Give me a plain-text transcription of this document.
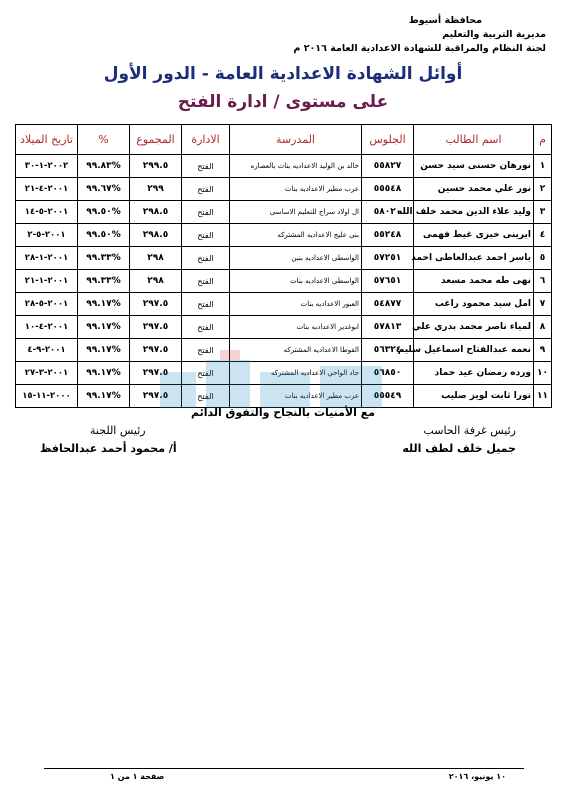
محافظة أسيوط
مديرية التربية والتعليم
لجنة النظام والمراقبة للشهادة الاعدادية العامة ٢٠١٦ م
أوائل الشهادة الاعدادية العامة - الدور الأول
على مستوى / ادارة الفتح
م	اسم الطالب	الجلوس	المدرسة	الادارة	المجموع	%	تاريخ الميلاد
١	نورهان حسنى سيد حسن	٥٥٨٢٧	خالد بن الوليد الاعداديه بنات بالعصاره	الفتح	٢٩٩.٥	%٩٩.٨٣	٢٠٠٢-١-٣٠
٢	نور علي محمد حسين	٥٥٥٤٨	عرب مطير الاعداديه بنات	الفتح	٢٩٩	%٩٩.٦٧	٢٠٠١-٤-٢١
٣	وليد علاء الدين محمد خلف الله	٥٨٠٢٠	ال اولاد سراج للتعليم الاساسى	الفتح	٢٩٨.٥	%٩٩.٥٠	٢٠٠١-٥-١٤
٤	ايرينى خيرى غيط فهمى	٥٥٢٤٨	بنى عليج الاعداديه المشتركه	الفتح	٢٩٨.٥	%٩٩.٥٠	٢٠٠١-٥-٢
٥	ياسر احمد عبدالعاطى احمد	٥٧٢٥١	الواسطى الاعداديه بنين	الفتح	٢٩٨	%٩٩.٣٣	٢٠٠١-١-٢٨
٦	نهى طه محمد مسعد	٥٧٦٥١	الواسطى الاعداديه بنات	الفتح	٢٩٨	%٩٩.٣٣	٢٠٠١-١-٢١
٧	امل سيد محمود راغب	٥٤٨٧٧	العبور الاعداديه بنات	الفتح	٢٩٧.٥	%٩٩.١٧	٢٠٠١-٥-٢٨
٨	لمياء ناصر محمد بدري علي	٥٧٨١٣	ابوغدير الاعداديه بنات	الفتح	٢٩٧.٥	%٩٩.١٧	٢٠٠١-٤-١٠
٩	نعمه عبدالفتاح اسماعيل سليم	٥٦٣٢٤	القوطا الاعداديه المشتركه	الفتح	٢٩٧.٥	%٩٩.١٧	٢٠٠١-٩-٤
١٠	ورده رمضان عيد حماد	٥٦٨٥٠	جاد الواحي الاعداديه المشتركه	الفتح	٢٩٧.٥	%٩٩.١٧	٢٠٠١-٣-٢٧
١١	نورا ثابت لويز صليب	٥٥٥٤٩	عرب مطير الاعداديه بنات	الفتح	٢٩٧.٥	%٩٩.١٧	٢٠٠٠-١١-١٥
مع الأمنيات بالنجاح والتفوق الدائم
رئيس غرفة الحاسب
جميل خلف لطف الله
رئيس اللجنة
أ/ محمود أحمد عبدالحافظ
١٠ يونيو، ٢٠١٦
صفحة ١ من ١
